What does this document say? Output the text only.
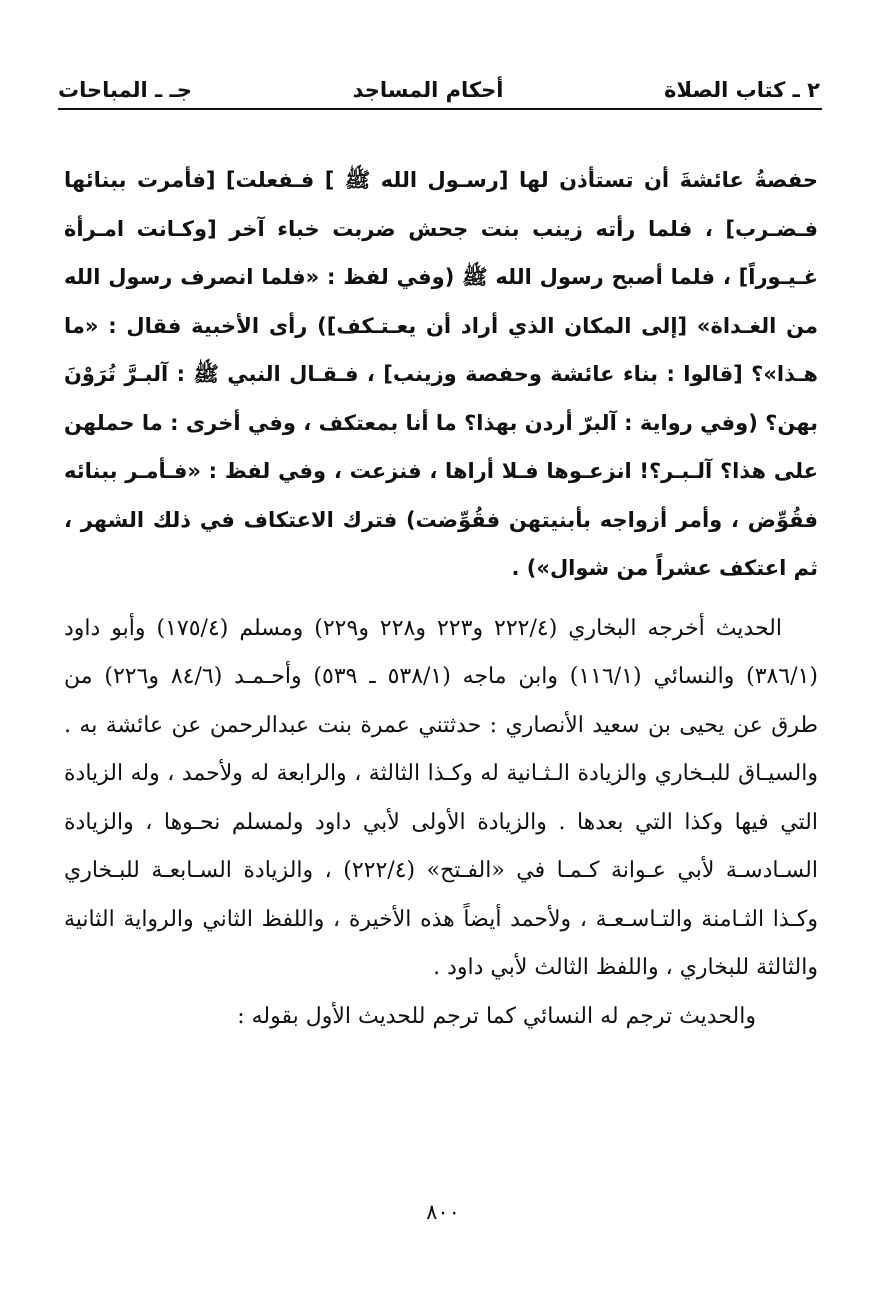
٢ ـ كتاب الصلاة
أحكام المساجد
جـ ـ المباحات

حفصةُ عائشةَ أن تستأذن لها [رسـول الله ﷺ ] فـفعلت] [فأمرت ببنائها فـضـرب] ، فلما رأته زينب بنت جحش ضربت خباء آخر [وكـانت امـرأة غـيـوراً] ، فلما أصبح رسول الله ﷺ (وفي لفظ : «فلما انصرف رسول الله من الغـداة» [إلى المكان الذي أراد أن يعـتـكف]) رأى الأخبية فقال : «ما هـذا»؟ [قالوا : بناء عائشة وحفصة وزينب] ، فـقـال النبي ﷺ : آلبـرَّ تُرَوْنَ بهن؟ (وفي رواية : آلبرّ أردن بهذا؟ ما أنا بمعتكف ، وفي أخرى : ما حملهن على هذا؟ آلـبـر؟! انزعـوها فـلا أراها ، فنزعت ، وفي لفظ : «فـأمـر ببنائه فقُوِّض ، وأمر أزواجه بأبنيتهن فقُوِّضت) فترك الاعتكاف في ذلك الشهر ، ثم اعتكف عشراً من شوال») .

الحديث أخرجه البخاري (٢٢٢/٤ و٢٢٣ و٢٢٨ و٢٢٩) ومسلم (١٧٥/٤) وأبو داود (٣٨٦/١) والنسائي (١١٦/١) وابن ماجه (٥٣٨/١ ـ ٥٣٩) وأحـمـد (٨٤/٦ و٢٢٦) من طرق عن يحيى بن سعيد الأنصاري : حدثتني عمرة بنت عبدالرحمن عن عائشة به . والسيـاق للبـخاري والزيادة الـثـانية له وكـذا الثالثة ، والرابعة له ولأحمد ، وله الزيادة التي فيها وكذا التي بعدها . والزيادة الأولى لأبي داود ولمسلم نحـوها ، والزيادة السـادسـة لأبي عـوانة كـمـا في «الفـتح» (٢٢٢/٤) ، والزيادة السـابعـة للبـخاري وكـذا الثـامنة والتـاسـعـة ، ولأحمد أيضاً هذه الأخيرة ، واللفظ الثاني والرواية الثانية والثالثة للبخاري ، واللفظ الثالث لأبي داود .

والحديث ترجم له النسائي كما ترجم للحديث الأول بقوله :

٨٠٠
